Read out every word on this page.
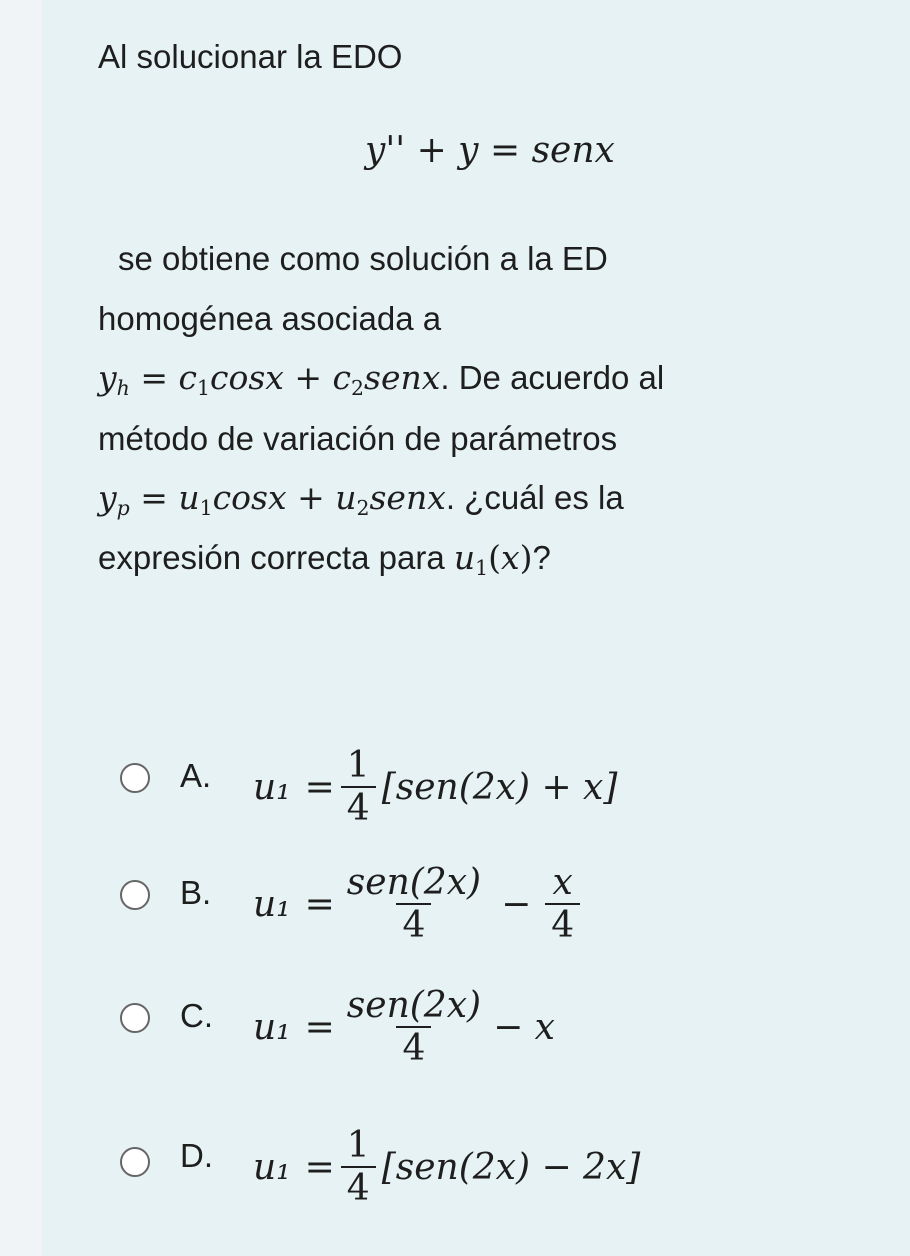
Al solucionar la EDO
y'' + y = senx
se obtiene como solución a la ED
homogénea asociada a
$y_h = c_1\cos x$ + $c_2senx$. De acuerdo al
método de variación de parámetros
$y_p = u_1\cos x$ + $u_2senx$. ¿cuál es la
expresión correcta para $u_1(x)$?
A. $u_1 = \frac{1}{4} [sen(2x) + x]$
B. $u_1 = \frac{\text{sen(2x)}}{4} - \frac{x}{4}$
C. $u_1 = \frac{\text{sen(2x)}}{4} - x$
D. $u_1 = \frac{1}{4} [sen(2x) - 2x]$
